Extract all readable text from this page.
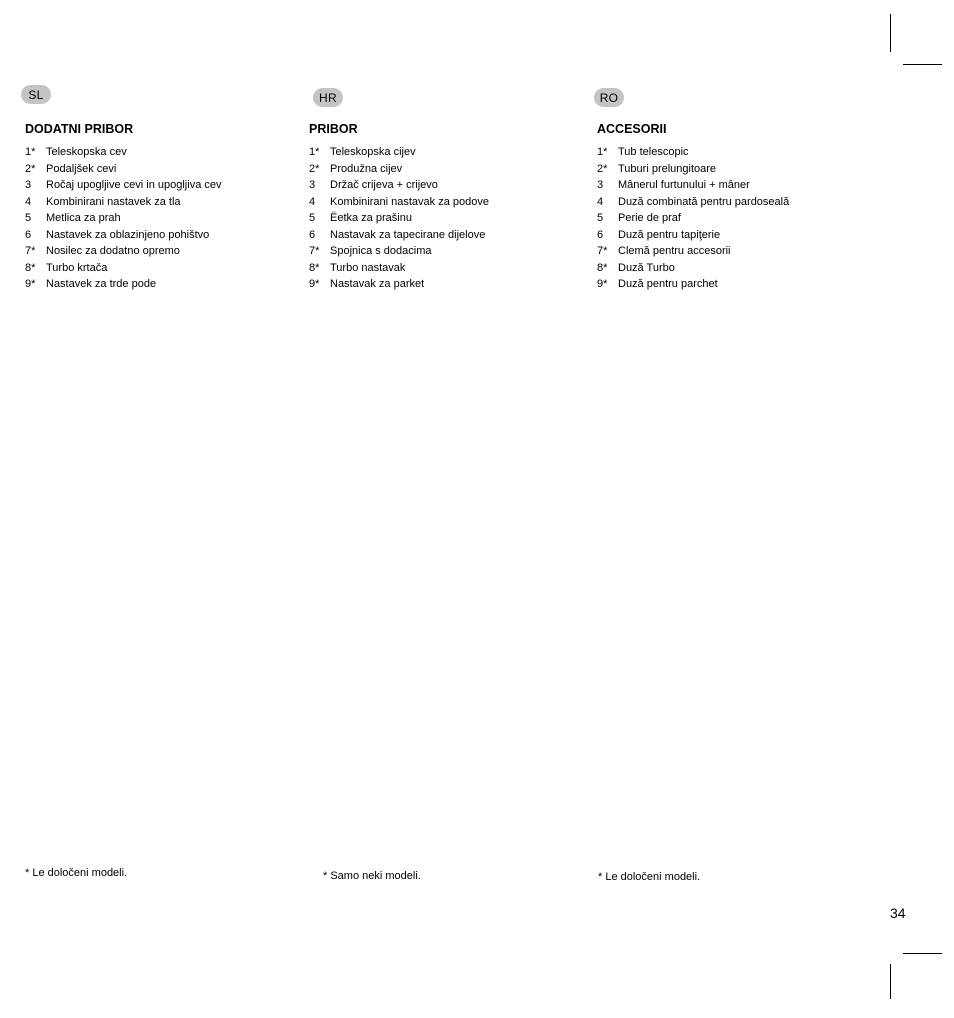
SL
DODATNI PRIBOR
1* Teleskopska cev
2* Podaljšek cevi
3 Ročaj upogljive cevi in upogljiva cev
4 Kombinirani nastavek za tla
5 Metlica za prah
6 Nastavek za oblazinjeno pohištvo
7* Nosilec za dodatno opremo
8* Turbo krtača
9* Nastavek za trde pode
* Le določeni modeli.
HR
PRIBOR
1* Teleskopska cijev
2* Produžna cijev
3 Držač crijeva + crijevo
4 Kombinirani nastavak za podove
5 Ëetka za prašinu
6 Nastavak za tapecirane dijelove
7* Spojnica s dodacima
8* Turbo nastavak
9* Nastavak za parket
* Samo neki modeli.
RO
ACCESORII
1* Tub telescopic
2* Tuburi prelungitoare
3 Mânerul furtunului + mâner
4 Duză combinată pentru pardoseală
5 Perie de praf
6 Duză pentru tapiţerie
7* Clemă pentru accesorii
8* Duză Turbo
9* Duză pentru parchet
* Le določeni modeli.
34
